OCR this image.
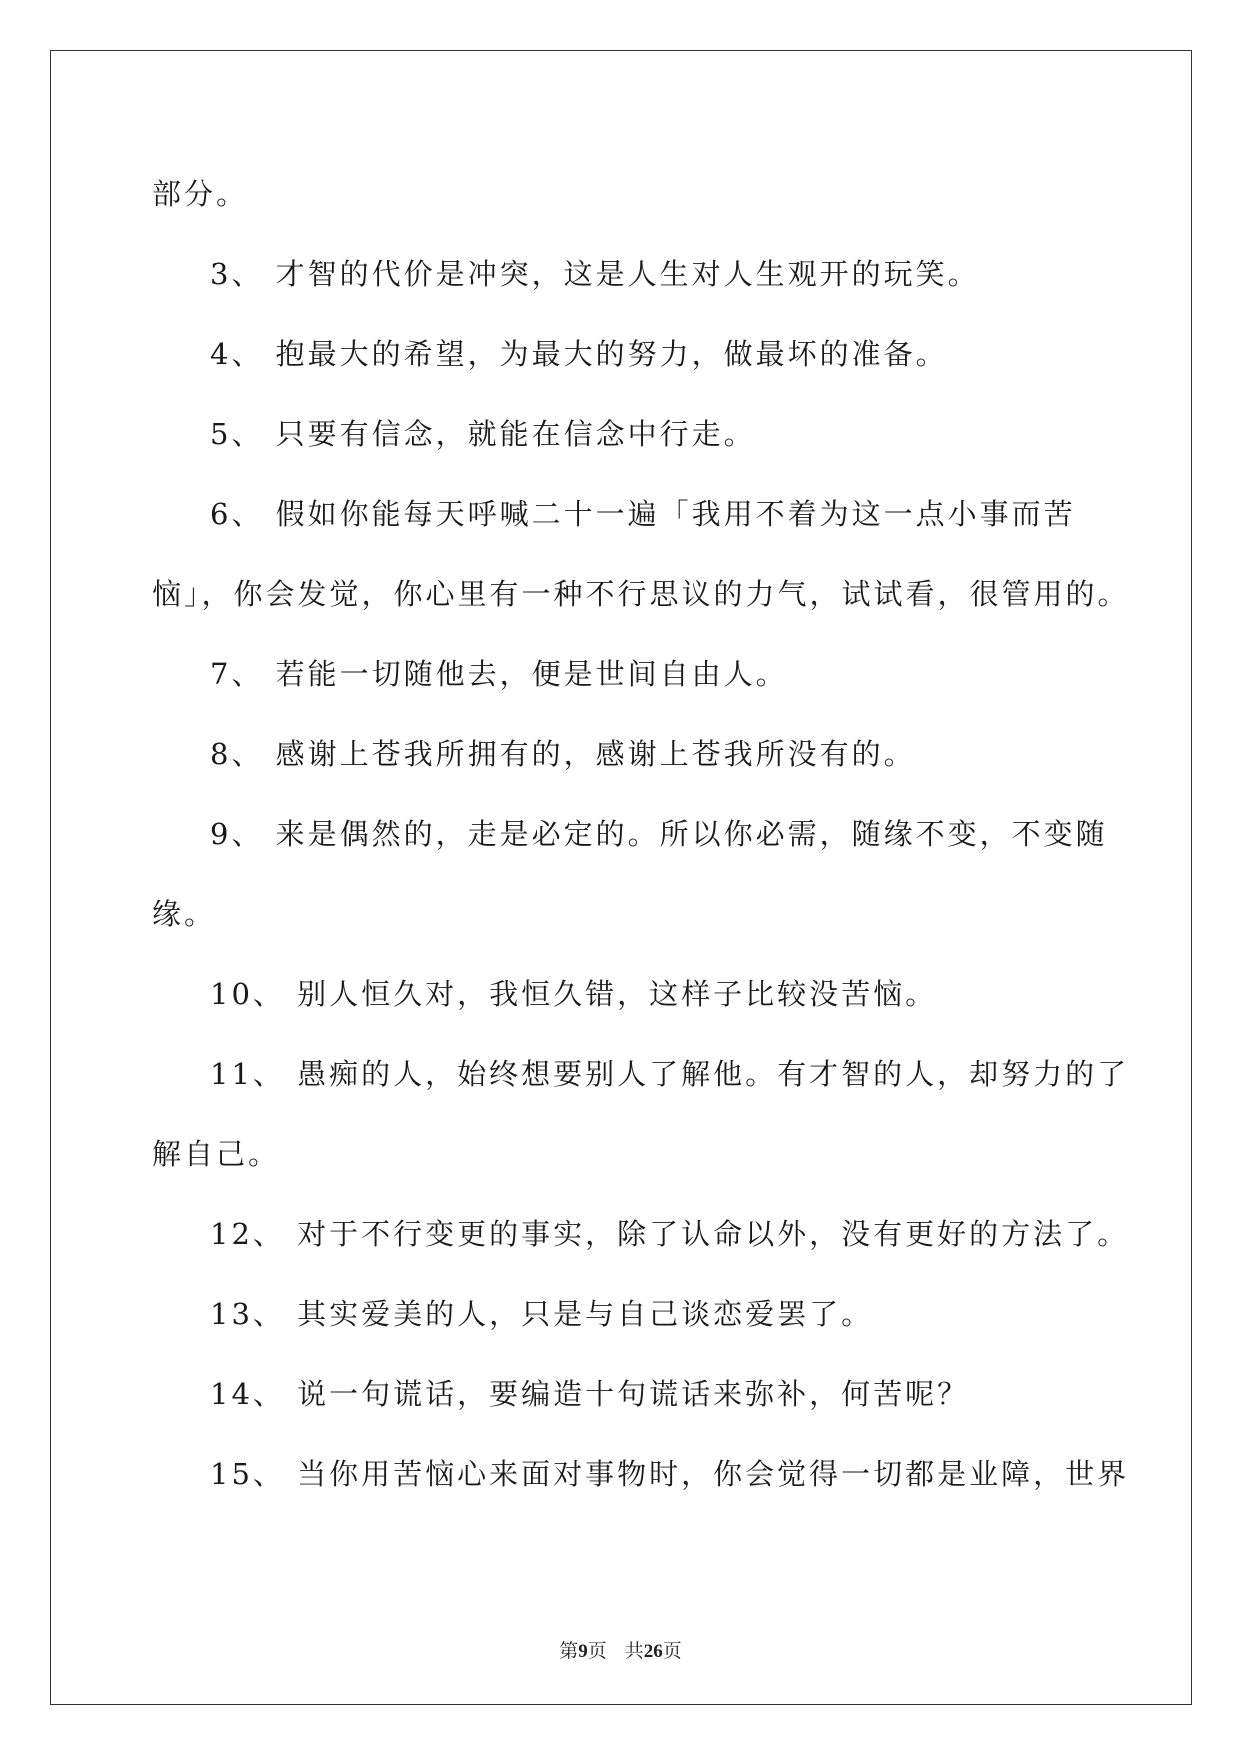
部分。
3、 才智的代价是冲突，这是人生对人生观开的玩笑。
4、 抱最大的希望，为最大的努力，做最坏的准备。
5、 只要有信念，就能在信念中行走。
6、 假如你能每天呼喊二十一遍「我用不着为这一点小事而苦
恼」，你会发觉，你心里有一种不行思议的力气，试试看，很管用的。
7、 若能一切随他去，便是世间自由人。
8、 感谢上苍我所拥有的，感谢上苍我所没有的。
9、 来是偶然的，走是必定的。所以你必需，随缘不变，不变随
缘。
10、 别人恒久对，我恒久错，这样子比较没苦恼。
11、 愚痴的人，始终想要别人了解他。有才智的人，却努力的了
解自己。
12、 对于不行变更的事实，除了认命以外，没有更好的方法了。
13、 其实爱美的人，只是与自己谈恋爱罢了。
14、 说一句谎话，要编造十句谎话来弥补，何苦呢？
15、 当你用苦恼心来面对事物时，你会觉得一切都是业障，世界
第9页 共26页
